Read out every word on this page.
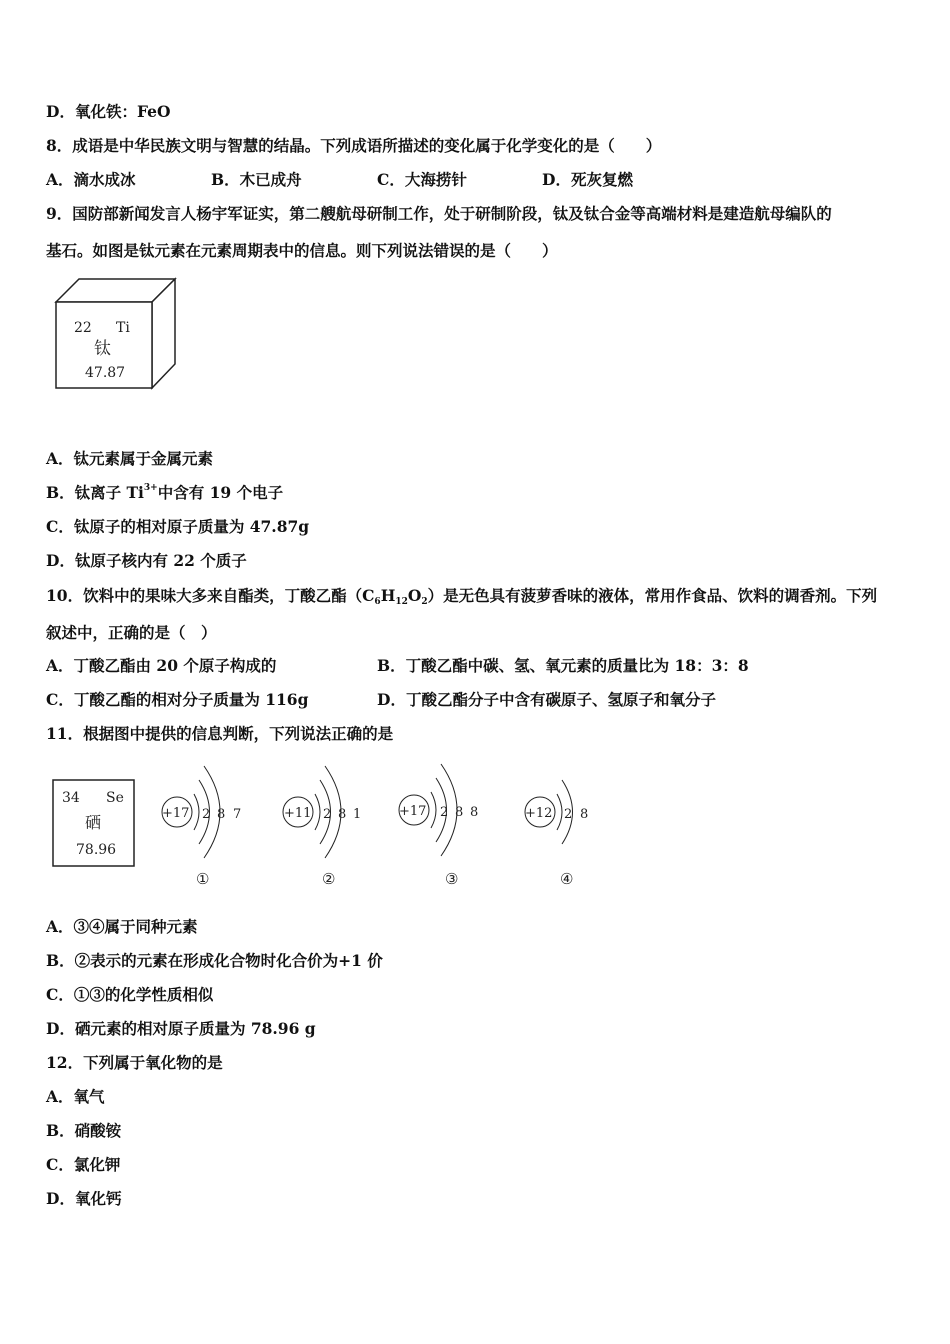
D．氧化铁：FeO
8．成语是中华民族文明与智慧的结晶。下列成语所描述的变化属于化学变化的是（　　）
A．滴水成冰	B．木已成舟	C．大海捞针	D．死灰复燃
9．国防部新闻发言人杨宇军证实，第二艘航母研制工作，处于研制阶段，钛及钛合金等高端材料是建造航母编队的
基石。如图是钛元素在元素周期表中的信息。则下列说法错误的是（　　）
22 Ti
钛
47.87
A．钛元素属于金属元素
B．钛离子 $Ti^{3+}$中含有 19 个电子
C．钛原子的相对原子质量为 47.87g
D．钛原子核内有 22 个质子
10．饮料中的果味大多来自酯类，丁酸乙酯$(C_6H_{12}O_2)$是无色具有菠萝香味的液体，常用作食品、饮料的调香剂。下列
叙述中，正确的是（　）
A．丁酸乙酯由 20 个原子构成的	B．丁酸乙酯中碳、氢、氧元素的质量比为 18：3：8
C．丁酸乙酯的相对分子质量为 116g	D．丁酸乙酯分子中含有碳原子、氢原子和氧分子
11．根据图中提供的信息判断，下列说法正确的是
34 Se
硒
78.96
+17 2 8 7
①
+11 2 8 1
②
+17 2 8 8
③
+12 2 8
④
A．③④属于同种元素
B．②表示的元素在形成化合物时化合价为+1 价
C．①③的化学性质相似
D．硒元素的相对原子质量为 78.96 g
12．下列属于氧化物的是
A．氧气
B．硝酸铵
C．氯化钾
D．氧化钙
